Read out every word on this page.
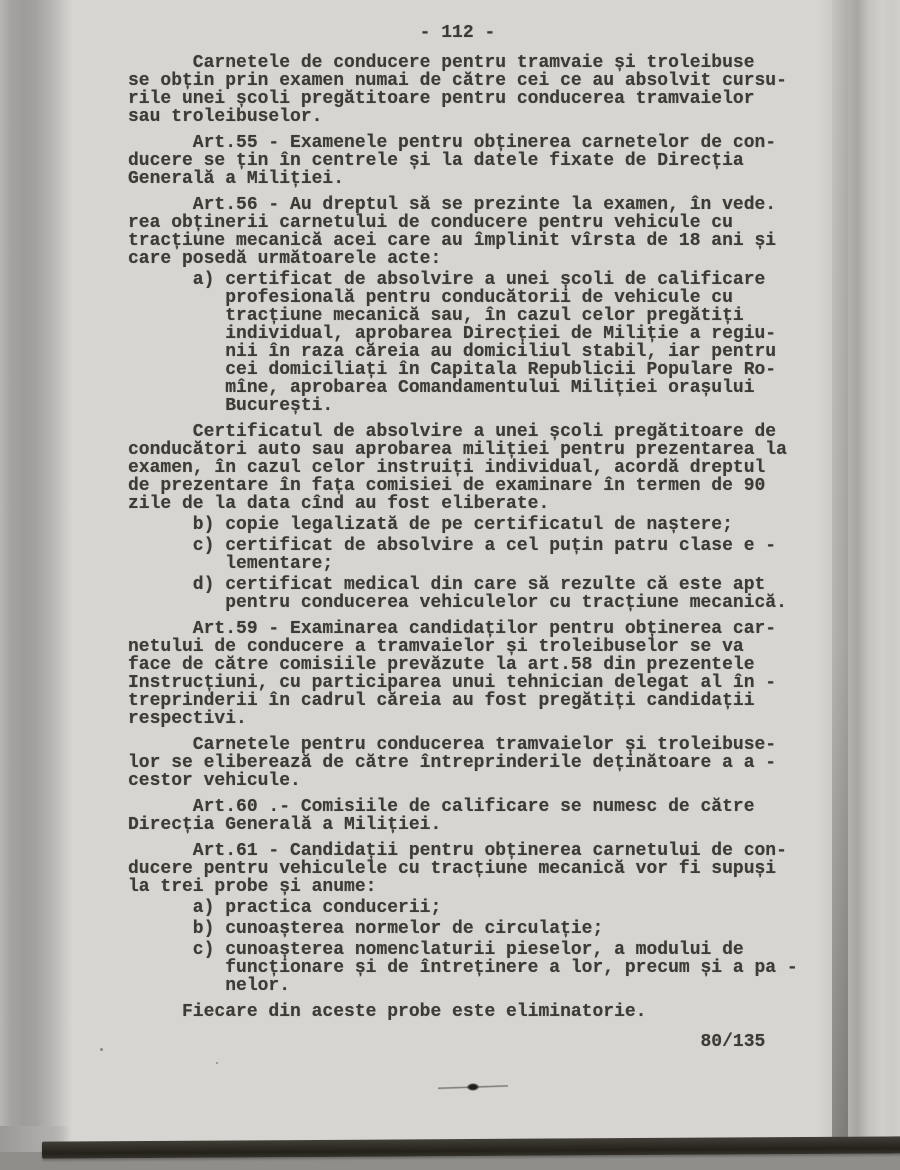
- 112 -
Carnetele de conducere pentru tramvaie și troleibuse
se obțin prin examen numai de către cei ce au absolvit cursu-
rile unei școli pregătitoare pentru conducerea tramvaielor
sau troleibuselor.
Art.55 - Examenele pentru obținerea carnetelor de con-
ducere se țin în centrele și la datele fixate de Direcția
Generală a Miliției.
Art.56 - Au dreptul să se prezinte la examen, în vede.
rea obținerii carnetului de conducere pentru vehicule cu
tracțiune mecanică acei care au împlinit vîrsta de 18 ani și
care posedă următoarele acte:
a) certificat de absolvire a unei școli de calificare
profesională pentru conducătorii de vehicule cu
tracțiune mecanică sau, în cazul celor pregătiți
individual, aprobarea Direcției de Miliție a regiu-
nii în raza căreia au domiciliul stabil, iar pentru
cei domiciliați în Capitala Republicii Populare Ro-
mîne, aprobarea Comandamentului Miliției orașului
București.
Certificatul de absolvire a unei școli pregătitoare de
conducători auto sau aprobarea miliției pentru prezentarea la
examen, în cazul celor instruiți individual, acordă dreptul
de prezentare în fața comisiei de examinare în termen de 90
zile de la data cînd au fost eliberate.
b) copie legalizată de pe certificatul de naștere;
c) certificat de absolvire a cel puțin patru clase e -
lementare;
d) certificat medical din care să rezulte că este apt
pentru conducerea vehiculelor cu tracțiune mecanică.
Art.59 - Examinarea candidaților pentru obținerea car-
netului de conducere a tramvaielor și troleibuselor se va
face de către comisiile prevăzute la art.58 din prezentele
Instrucțiuni, cu participarea unui tehnician delegat al în -
treprinderii în cadrul căreia au fost pregătiți candidații
respectivi.
Carnetele pentru conducerea tramvaielor și troleibuse-
lor se eliberează de către întreprinderile deținătoare a a -
cestor vehicule.
Art.60 .- Comisiile de calificare se numesc de către
Direcția Generală a Miliției.
Art.61 - Candidații pentru obținerea carnetului de con-
ducere pentru vehiculele cu tracțiune mecanică vor fi supuși
la trei probe și anume:
a) practica conducerii;
b) cunoașterea normelor de circulație;
c) cunoașterea nomenclaturii pieselor, a modului de
funcționare și de întreținere a lor, precum și a pa -
nelor.
Fiecare din aceste probe este eliminatorie.
80/135
